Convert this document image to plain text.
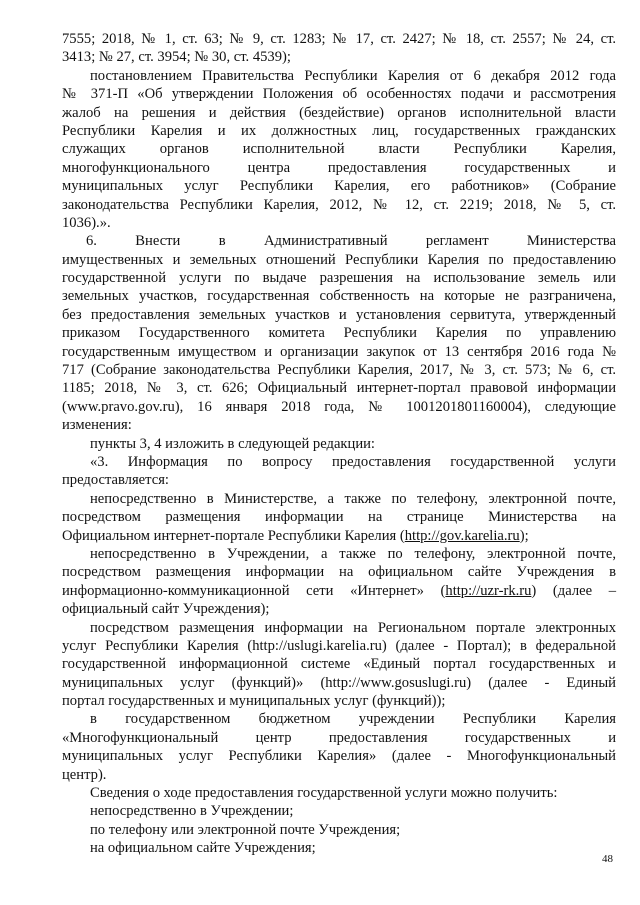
7555; 2018, № 1, ст. 63; № 9, ст. 1283; № 17, ст. 2427; № 18, ст. 2557; № 24, ст.
3413; № 27, ст. 3954; № 30, ст. 4539);
постановлением Правительства Республики Карелия от 6 декабря 2012 года
№ 371-П «Об утверждении Положения об особенностях подачи и рассмотрения
жалоб на решения и действия (бездействие) органов исполнительной власти
Республики Карелия и их должностных лиц, государственных гражданских
служащих органов исполнительной власти Республики Карелия,
многофункционального центра предоставления государственных и
муниципальных услуг Республики Карелия, его работников» (Собрание
законодательства Республики Карелия, 2012, № 12, ст. 2219; 2018, № 5, ст.
1036).».
6. Внести в Административный регламент Министерства
имущественных и земельных отношений Республики Карелия по предоставлению
государственной услуги по выдаче разрешения на использование земель или
земельных участков, государственная собственность на которые не разграничена,
без предоставления земельных участков и установления сервитута, утвержденный
приказом Государственного комитета Республики Карелия по управлению
государственным имуществом и организации закупок от 13 сентября 2016 года №
717 (Собрание законодательства Республики Карелия, 2017, № 3, ст. 573; № 6, ст.
1185; 2018, № 3, ст. 626; Официальный интернет-портал правовой информации
(www.pravo.gov.ru), 16 января 2018 года, № 1001201801160004), следующие
изменения:
пункты 3, 4 изложить в следующей редакции:
«3. Информация по вопросу предоставления государственной услуги
предоставляется:
непосредственно в Министерстве, а также по телефону, электронной почте,
посредством размещения информации на странице Министерства на
Официальном интернет-портале Республики Карелия (http://gov.karelia.ru);
непосредственно в Учреждении, а также по телефону, электронной почте,
посредством размещения информации на официальном сайте Учреждения в
информационно-коммуникационной сети «Интернет» (http://uzr-rk.ru) (далее –
официальный сайт Учреждения);
посредством размещения информации на Региональном портале электронных
услуг Республики Карелия (http://uslugi.karelia.ru) (далее - Портал); в федеральной
государственной информационной системе «Единый портал государственных и
муниципальных услуг (функций)» (http://www.gosuslugi.ru) (далее - Единый
портал государственных и муниципальных услуг (функций));
в государственном бюджетном учреждении Республики Карелия
«Многофункциональный центр предоставления государственных и
муниципальных услуг Республики Карелия» (далее - Многофункциональный
центр).
Сведения о ходе предоставления государственной услуги можно получить:
непосредственно в Учреждении;
по телефону или электронной почте Учреждения;
на официальном сайте Учреждения;
48
